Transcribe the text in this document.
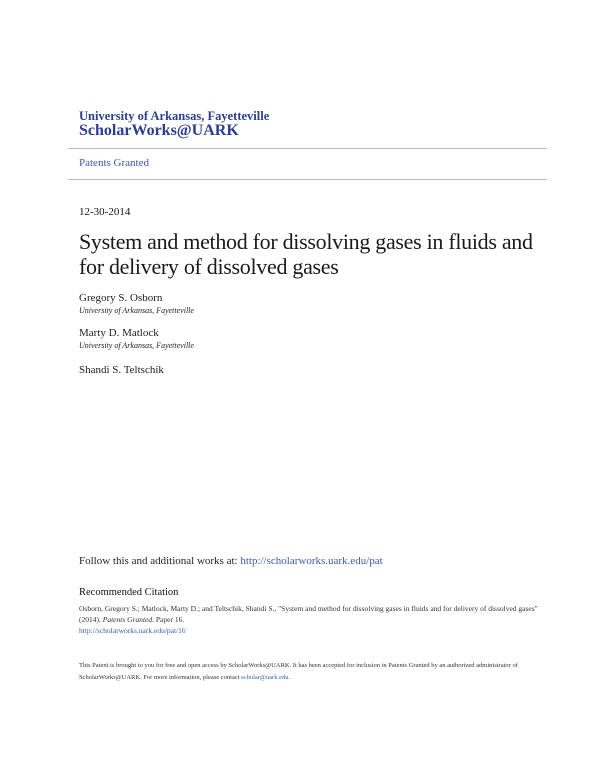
University of Arkansas, Fayetteville
ScholarWorks@UARK
Patents Granted
12-30-2014
System and method for dissolving gases in fluids and for delivery of dissolved gases
Gregory S. Osborn
University of Arkansas, Fayetteville
Marty D. Matlock
University of Arkansas, Fayetteville
Shandi S. Teltschik
Follow this and additional works at: http://scholarworks.uark.edu/pat
Recommended Citation
Osborn, Gregory S.; Matlock, Marty D.; and Teltschik, Shandi S., "System and method for dissolving gases in fluids and for delivery of dissolved gases" (2014). Patents Granted. Paper 16.
http://scholarworks.uark.edu/pat/16
This Patent is brought to you for free and open access by ScholarWorks@UARK. It has been accepted for inclusion in Patents Granted by an authorized administrator of ScholarWorks@UARK. For more information, please contact scholar@uark.edu.
